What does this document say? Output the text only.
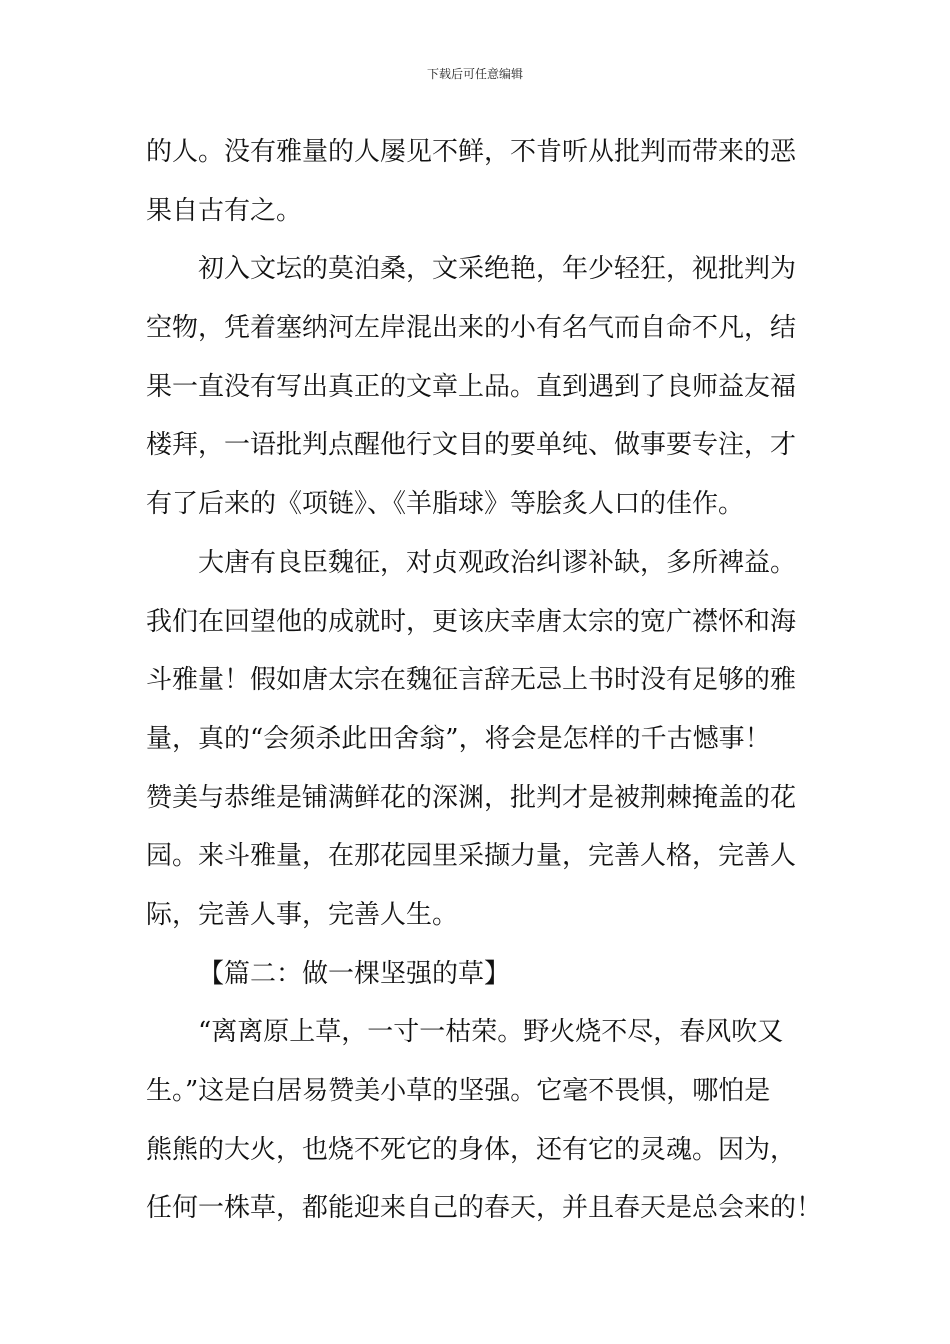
下载后可任意编辑
的人。没有雅量的人屡见不鲜，不肯听从批判而带来的恶
果自古有之。
初入文坛的莫泊桑，文采绝艳，年少轻狂，视批判为
空物，凭着塞纳河左岸混出来的小有名气而自命不凡，结
果一直没有写出真正的文章上品。直到遇到了良师益友福
楼拜，一语批判点醒他行文目的要单纯、做事要专注，才
有了后来的《项链》、《羊脂球》等脍炙人口的佳作。
大唐有良臣魏征，对贞观政治纠谬补缺，多所裨益。
我们在回望他的成就时，更该庆幸唐太宗的宽广襟怀和海
斗雅量！假如唐太宗在魏征言辞无忌上书时没有足够的雅
量，真的“会须杀此田舍翁”，将会是怎样的千古憾事！
赞美与恭维是铺满鲜花的深渊，批判才是被荆棘掩盖的花
园。来斗雅量，在那花园里采撷力量，完善人格，完善人
际，完善人事，完善人生。
【篇二：做一棵坚强的草】
“离离原上草，一寸一枯荣。野火烧不尽，春风吹又
生。”这是白居易赞美小草的坚强。它毫不畏惧，哪怕是
熊熊的大火，也烧不死它的身体，还有它的灵魂。因为，
任何一株草，都能迎来自己的春天，并且春天是总会来的！
